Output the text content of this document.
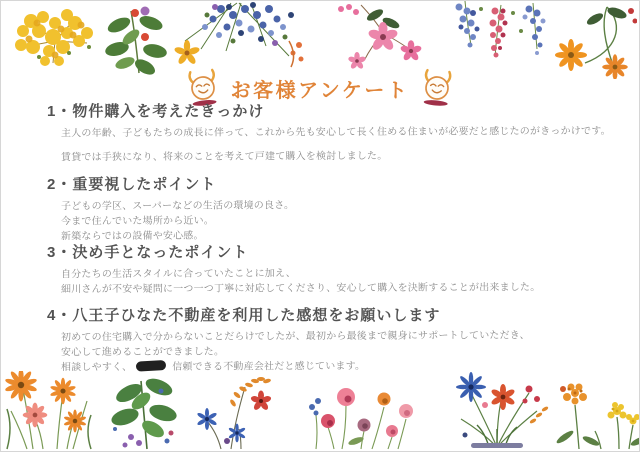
お客様アンケート
1・物件購入を考えたきっかけ

主人の年齢、子どもたちの成長に伴って、これから先も安心して長く住める住まいが必要だと感じたのがきっかけです。

賃貸では手狭になり、将来のことを考えて戸建て購入を検討しました。

2・重要視したポイント

子どもの学区、スーパーなどの生活の環境の良さ。

今まで住んでいた場所から近い。

新築ならではの設備や安心感。

3・決め手となったポイント

自分たちの生活スタイルに合っていたことに加え、

細川さんが不安や疑問に一つ一つ丁寧に対応してくださり、安心して購入を決断することが出来ました。

4・八王子ひなた不動産を利用した感想をお願いします

初めての住宅購入で分からないことだらけでしたが、最初から最後まで親身にサポートしていただき、

安心して進めることができました。

相談しやすく、	信頼できる不動産会社だと感じています。
